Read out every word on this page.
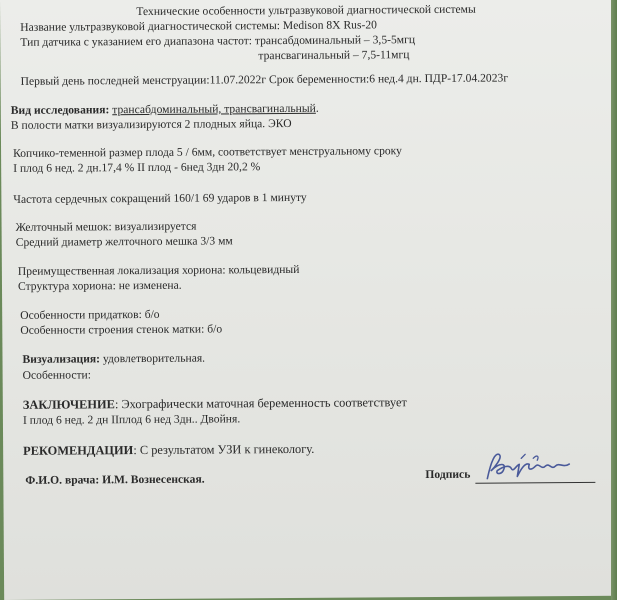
Технические особенности ультразвуковой диагностической системы
Название ультразвуковой диагностической системы: Medison 8X Rus-20
Тип датчика с указанием его диапазона частот: трансабдоминальный – 3,5-5мгц
трансвагинальный – 7,5-11мгц
Первый день последней менструации:11.07.2022г Срок беременности:6 нед.4 дн. ПДР-17.04.2023г
Вид исследования: трансабдоминальный, трансвагинальный.
В полости матки визуализируются 2 плодных яйца. ЭКО
Копчико-теменной размер плода 5 / 6мм, соответствует менструальному сроку
I плод 6 нед. 2 дн.17,4 % II плод - 6нед 3дн 20,2 %
Частота сердечных сокращений 160/1 69 ударов в 1 минуту
Желточный мешок: визуализируется
Средний диаметр желточного мешка 3/3 мм
Преимущественная локализация хориона: кольцевидный
Структура хориона: не изменена.
Особенности придатков: б/о
Особенности строения стенок матки: б/о
Визуализация: удовлетворительная.
Особенности:
ЗАКЛЮЧЕНИЕ: Эхографически маточная беременность соответствует
I плод 6 нед. 2 дн IIплод 6 нед 3дн.. Двойня.
РЕКОМЕНДАЦИИ: С результатом УЗИ к гинекологу.
Ф.И.О. врача: И.М. Вознесенская.	Подпись
